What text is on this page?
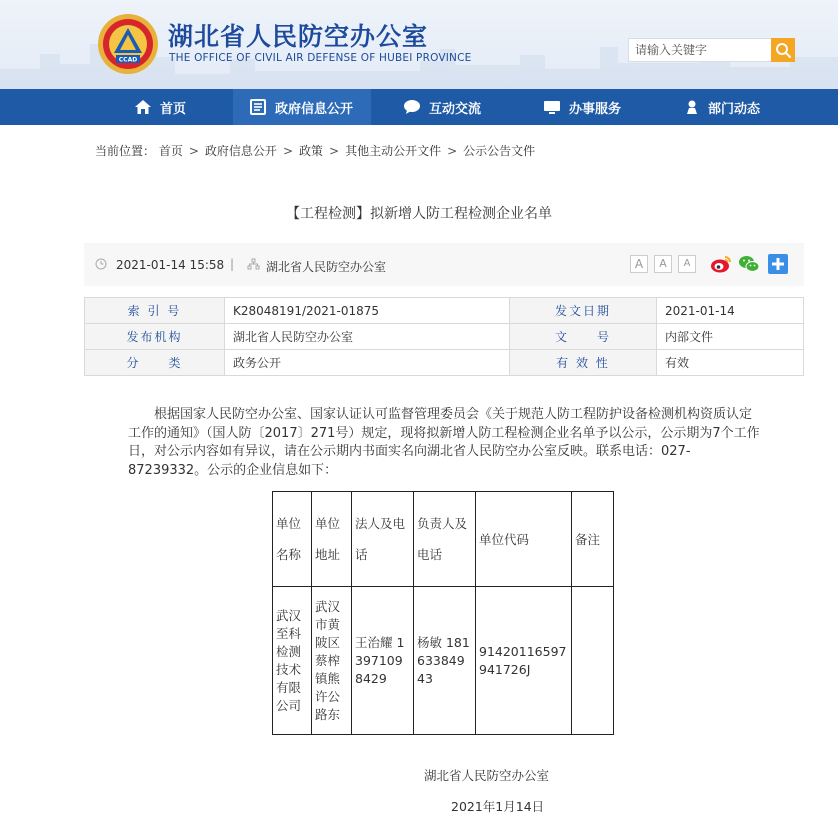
CCAD
湖北省人民防空办公室
THE OFFICE OF CIVIL AIR DEFENSE OF HUBEI PROVINCE
请输入关键字
首页	政府信息公开	互动交流	办事服务	部门动态
当前位置： 首页 > 政府信息公开 > 政策 > 其他主动公开文件 > 公示公告文件
【工程检测】拟新增人防工程检测企业名单
2021-01-14 15:58 |	湖北省人民防空办公室	A	A	A
索 引 号	K28048191/2021-01875	发文日期	2021-01-14
发布机构	湖北省人民防空办公室	文　　号	内部文件
分　　类	政务公开	有 效 性	有效
根据国家人民防空办公室、国家认证认可监督管理委员会《关于规范人防工程防护设备检测机构资质认定工作的通知》（国人防〔2017〕271号）规定，现将拟新增人防工程检测企业名单予以公示，公示期为7个工作日，对公示内容如有异议，请在公示期内书面实名向湖北省人民防空办公室反映。联系电话：027-87239332。公示的企业信息如下：
单位名称	单位地址	法人及电话	负责人及电话	单位代码	备注
武汉至科检测技术有限公司	武汉市黄陂区蔡榨镇熊许公路东	王治耀 13971098429	杨敏 18163384943	91420116597941726J	
湖北省人民防空办公室
2021年1月14日
